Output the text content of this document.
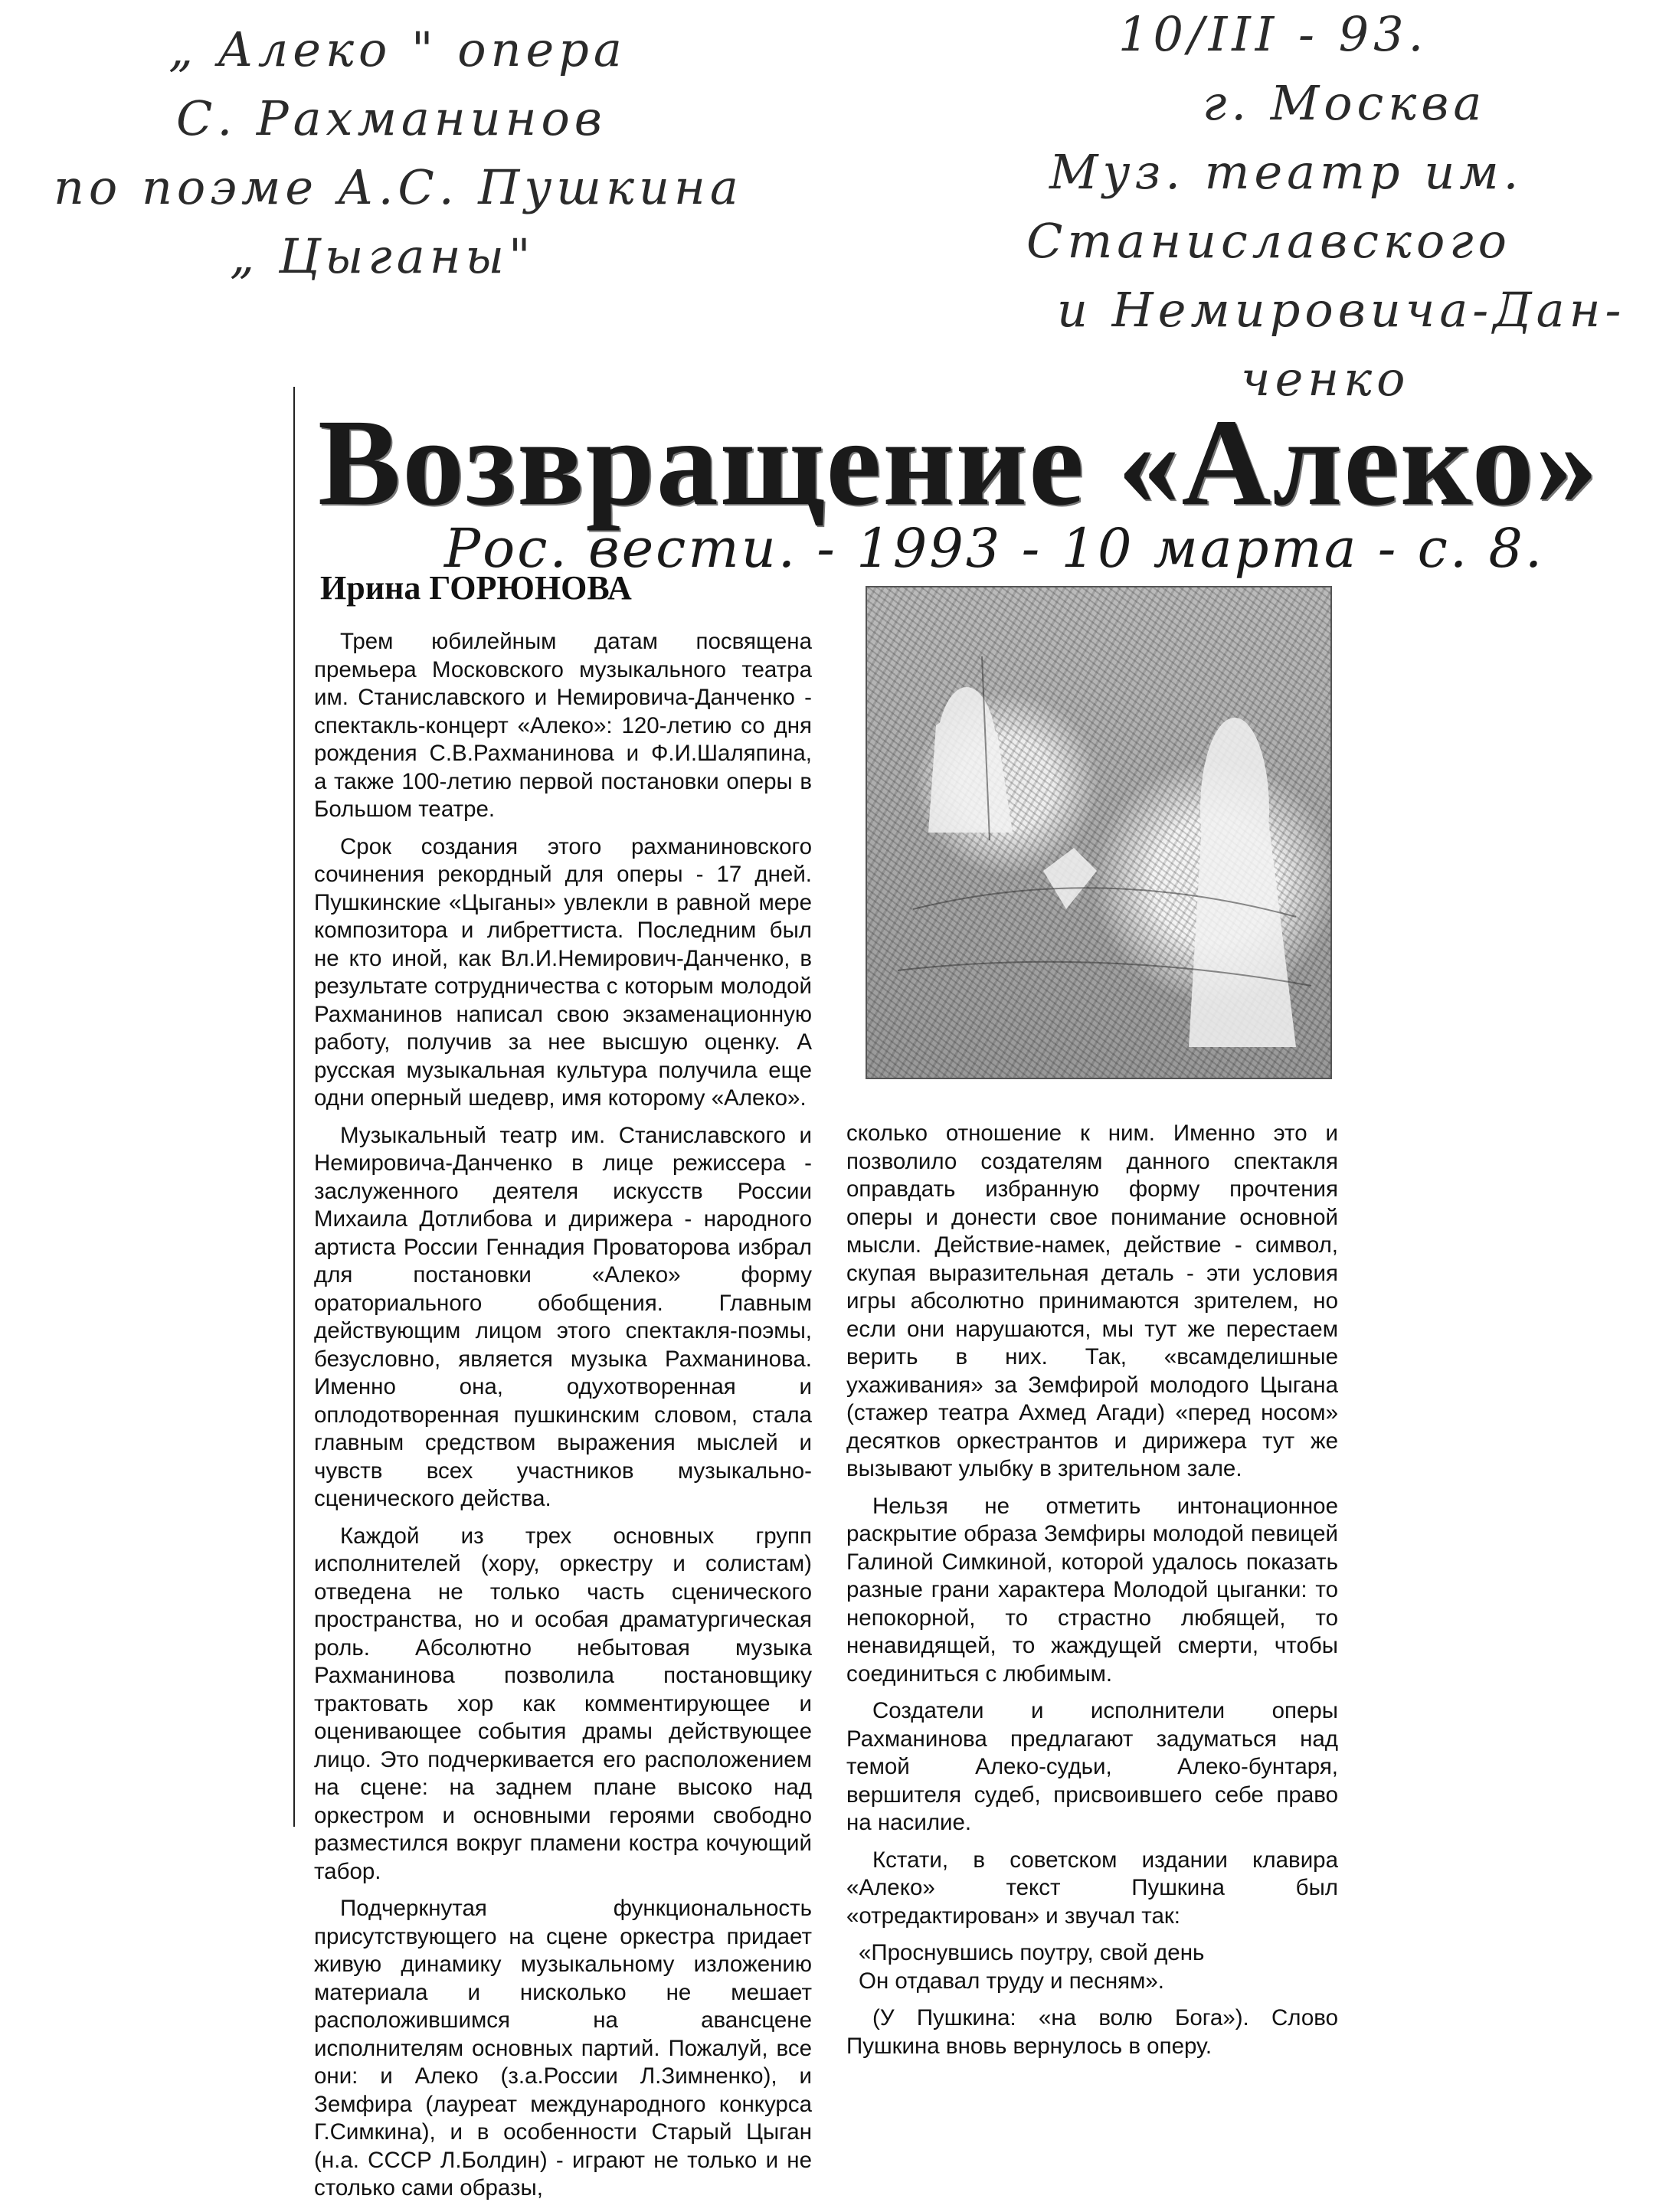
„ Алеко " опера
С. Рахманинов
по поэме А.С. Пушкина
„ Цыганы"
10/III - 93.
г. Москва
Муз. театр им.
Станиславского
и Немировича-Дан-
ченко
Возвращение «Алеко»
Рос. вести. - 1993 - 10 марта - с. 8.
Ирина ГОРЮНОВА

Трем юбилейным датам посвящена премьера Московского музыкального театра им. Станиславского и Немировича-Данченко - спектакль-концерт «Алеко»: 120-летию со дня рождения С.В.Рахманинова и Ф.И.Шаляпина, а также 100-летию первой постановки оперы в Большом театре.

Срок создания этого рахманиновского сочинения рекордный для оперы - 17 дней. Пушкинские «Цыганы» увлекли в равной мере композитора и либреттиста. Последним был не кто иной, как Вл.И.Немирович-Данченко, в результате сотрудничества с которым молодой Рахманинов написал свою экзаменационную работу, получив за нее высшую оценку. А русская музыкальная культура получила еще одни оперный шедевр, имя которому «Алеко».

Музыкальный театр им. Станиславского и Немировича-Данченко в лице режиссера - заслуженного деятеля искусств России Михаила Дотлибова и дирижера - народного артиста России Геннадия Проваторова избрал для постановки «Алеко» форму ораториального обобщения. Главным действующим лицом этого спектакля-поэмы, безусловно, является музыка Рахманинова. Именно она, одухотворенная и оплодотворенная пушкинским словом, стала главным средством выражения мыслей и чувств всех участников музыкально-сценического действа.

Каждой из трех основных групп исполнителей (хору, оркестру и солистам) отведена не только часть сценического пространства, но и особая драматургическая роль. Абсолютно небытовая музыка Рахманинова позволила постановщику трактовать хор как комментирующее и оценивающее события драмы действующее лицо. Это подчеркивается его расположением на сцене: на заднем плане высоко над оркестром и основными героями свободно разместился вокруг пламени костра кочующий табор.

Подчеркнутая функциональность присутствующего на сцене оркестра придает живую динамику музыкальному изложению материала и нисколько не мешает расположившимся на авансцене исполнителям основных партий. Пожалуй, все они: и Алеко (з.а.России Л.Зимненко), и Земфира (лауреат международного конкурса Г.Симкина), и в особенности Старый Цыган (н.а. СССР Л.Болдин) - играют не только и не столько сами образы,

сколько отношение к ним. Именно это и позволило создателям данного спектакля оправдать избранную форму прочтения оперы и донести свое понимание основной мысли. Действие-намек, действие - символ, скупая выразительная деталь - эти условия игры абсолютно принимаются зрителем, но если они нарушаются, мы тут же перестаем верить в них. Так, «всамделишные ухаживания» за Земфирой молодого Цыгана (стажер театра Ахмед Агади) «перед носом» десятков оркестрантов и дирижера тут же вызывают улыбку в зрительном зале.

Нельзя не отметить интонационное раскрытие образа Земфиры молодой певицей Галиной Симкиной, которой удалось показать разные грани характера Молодой цыганки: то непокорной, то страстно любящей, то ненавидящей, то жаждущей смерти, чтобы соединиться с любимым.

Создатели и исполнители оперы Рахманинова предлагают задуматься над темой Алеко-судьи, Алеко-бунтаря, вершителя судеб, присвоившего себе право на насилие.

Кстати, в советском издании клавира «Алеко» текст Пушкина был «отредактирован» и звучал так:

«Проснувшись поутру, свой день

Он отдавал труду и песням».

(У Пушкина: «на волю Бога»). Слово Пушкина вновь вернулось в оперу.
